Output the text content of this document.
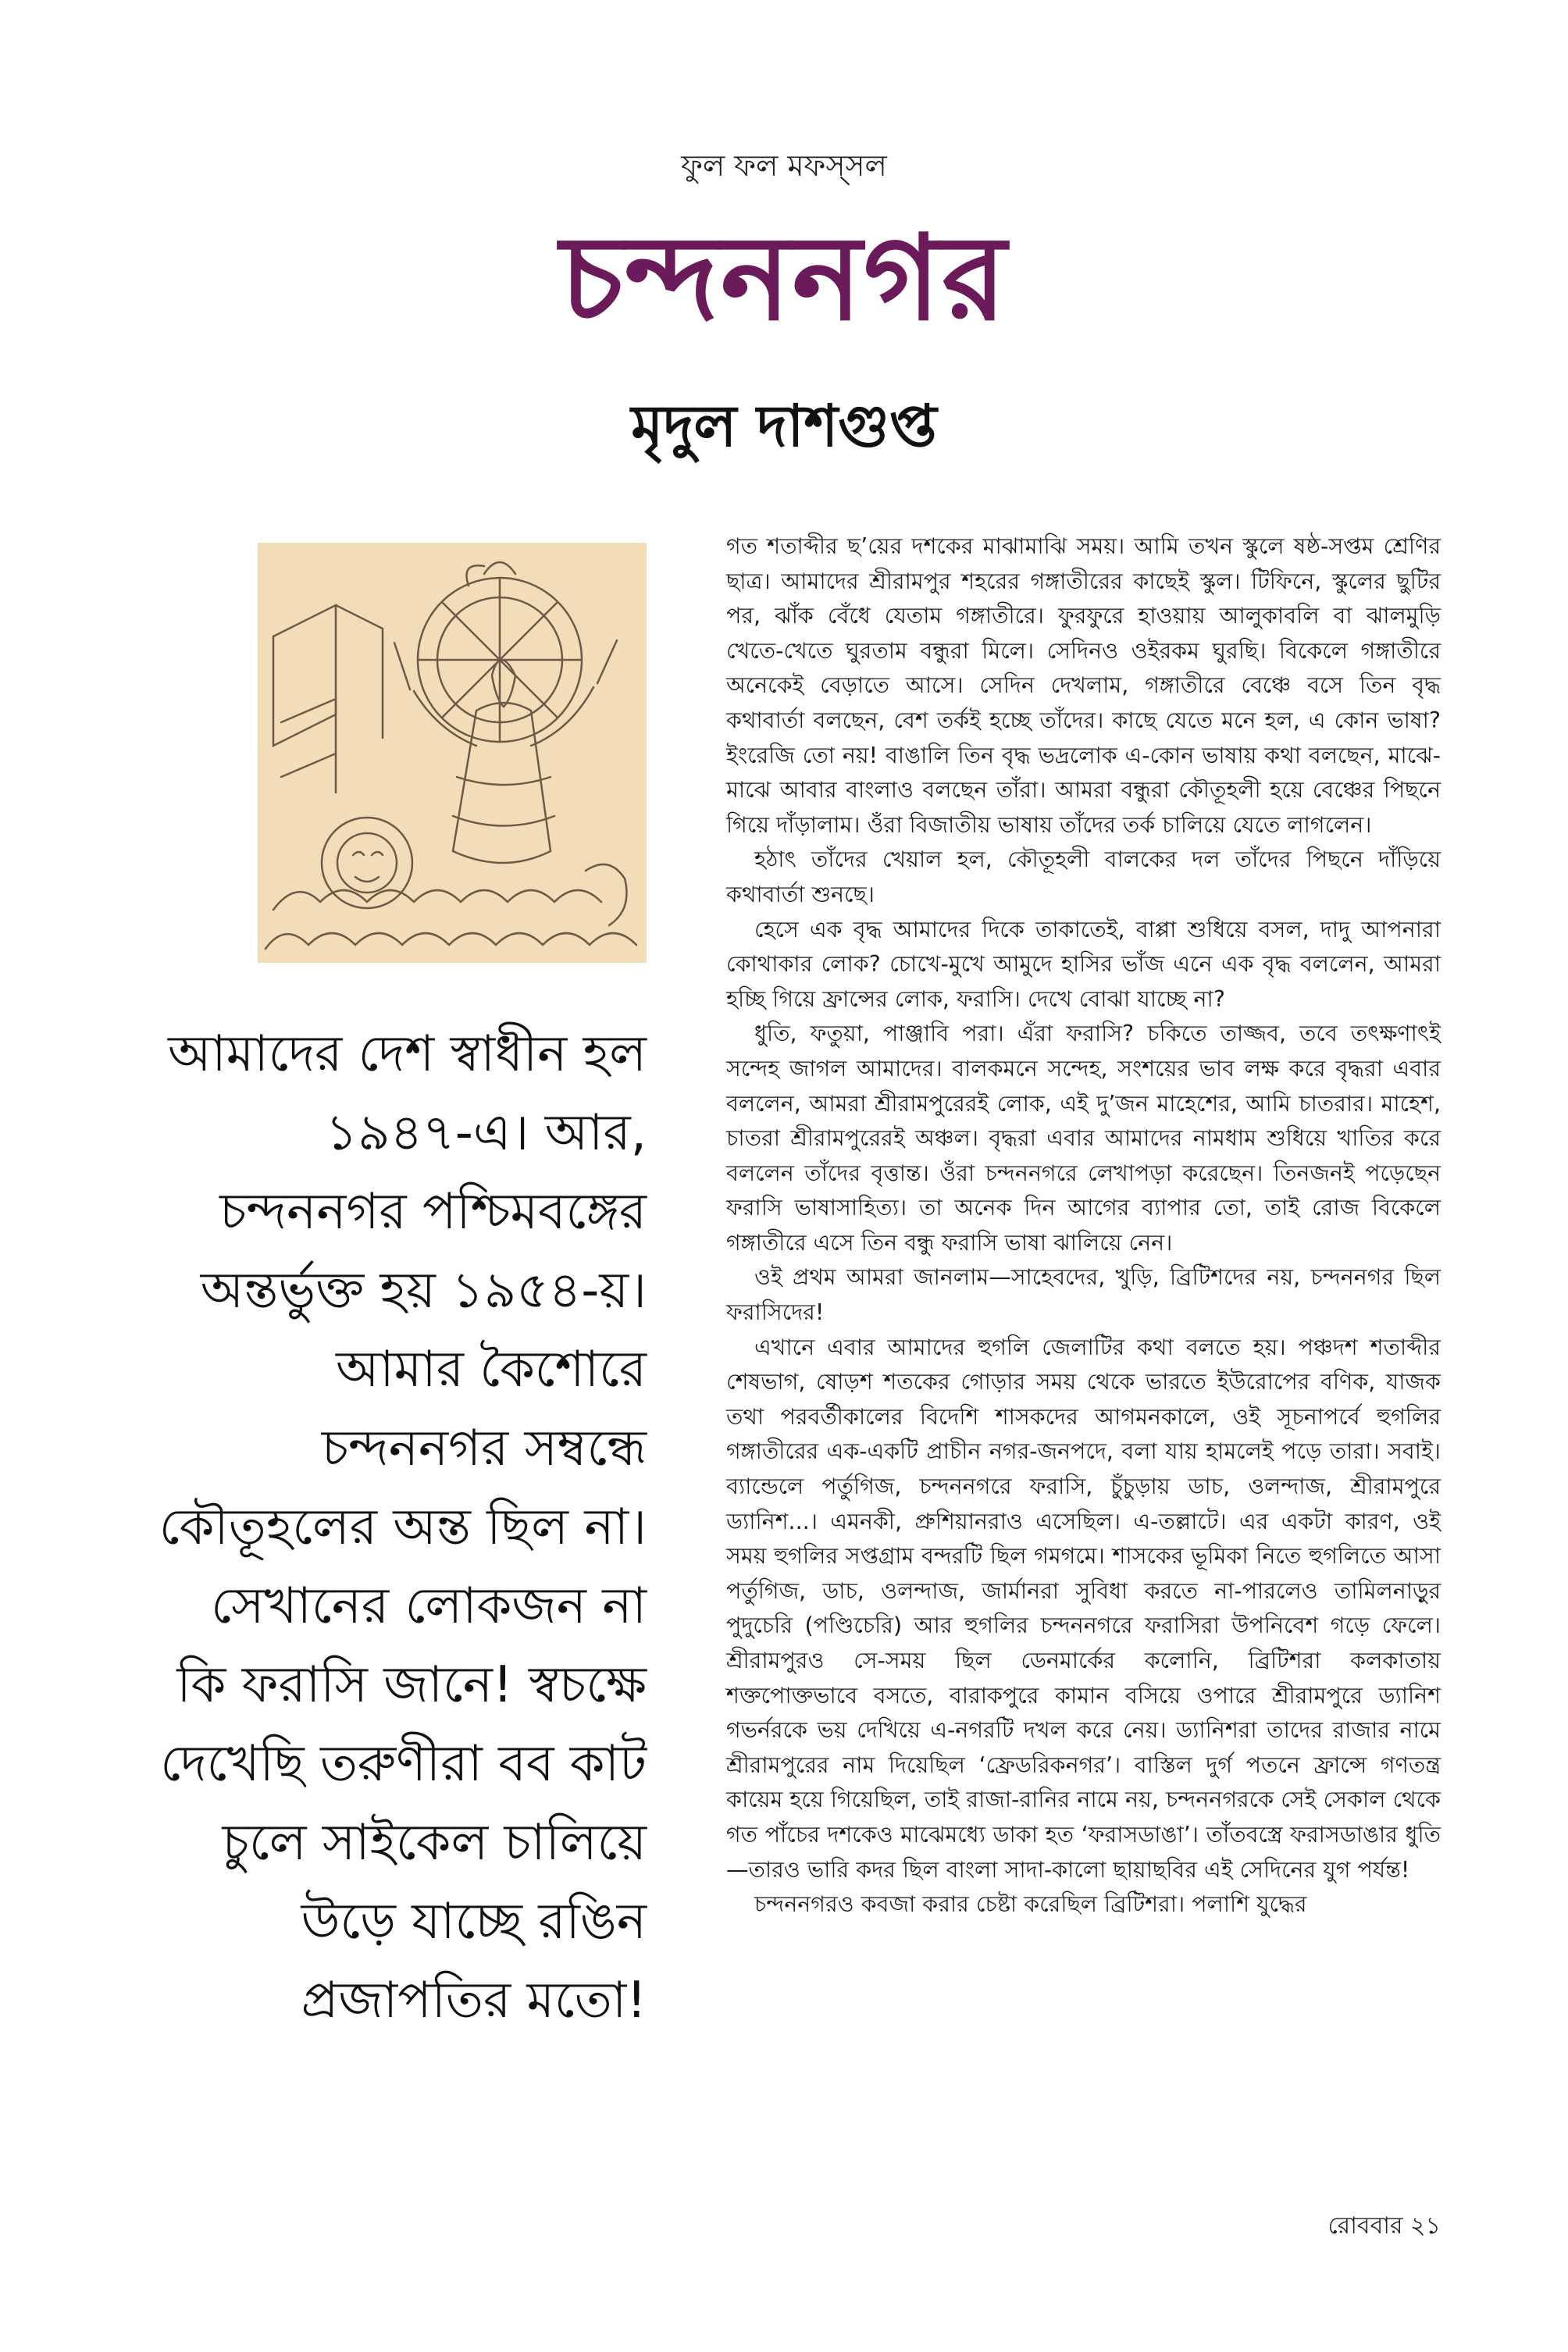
ফুল ফল মফস্‌সল
চন্দননগর
মৃদুল দাশগুপ্ত

আমাদের দেশ স্বাধীন হল ১৯৪৭-এ। আর, চন্দননগর পশ্চিমবঙ্গের অন্তর্ভুক্ত হয় ১৯৫৪-য়। আমার কৈশোরে চন্দননগর সম্বন্ধে কৌতূহলের অন্ত ছিল না। সেখানের লোকজন না কি ফরাসি জানে! স্বচক্ষে দেখেছি তরুণীরা বব কাট চুলে সাইকেল চালিয়ে উড়ে যাচ্ছে রঙিন প্রজাপতির মতো!

গত শতাব্দীর ছ’য়ের দশকের মাঝামাঝি সময়। আমি তখন স্কুলে ষষ্ঠ-সপ্তম শ্রেণির ছাত্র। আমাদের শ্রীরামপুর শহরের গঙ্গাতীরের কাছেই স্কুল। টিফিনে, স্কুলের ছুটির পর, ঝাঁক বেঁধে যেতাম গঙ্গাতীরে। ফুরফুরে হাওয়ায় আলুকাবলি বা ঝালমুড়ি খেতে-খেতে ঘুরতাম বন্ধুরা মিলে। সেদিনও ওইরকম ঘুরছি। বিকেলে গঙ্গাতীরে অনেকেই বেড়াতে আসে। সেদিন দেখলাম, গঙ্গাতীরে বেঞ্চে বসে তিন বৃদ্ধ কথাবার্তা বলছেন, বেশ তর্কই হচ্ছে তাঁদের। কাছে যেতে মনে হল, এ কোন ভাষা? ইংরেজি তো নয়! বাঙালি তিন বৃদ্ধ ভদ্রলোক এ-কোন ভাষায় কথা বলছেন, মাঝে-মাঝে আবার বাংলাও বলছেন তাঁরা। আমরা বন্ধুরা কৌতূহলী হয়ে বেঞ্চের পিছনে গিয়ে দাঁড়ালাম। ওঁরা বিজাতীয় ভাষায় তাঁদের তর্ক চালিয়ে যেতে লাগলেন।

হঠাৎ তাঁদের খেয়াল হল, কৌতূহলী বালকের দল তাঁদের পিছনে দাঁড়িয়ে কথাবার্তা শুনছে।

হেসে এক বৃদ্ধ আমাদের দিকে তাকাতেই, বাপ্পা শুধিয়ে বসল, দাদু আপনারা কোথাকার লোক? চোখে-মুখে আমুদে হাসির ভাঁজ এনে এক বৃদ্ধ বললেন, আমরা হচ্ছি গিয়ে ফ্রান্সের লোক, ফরাসি। দেখে বোঝা যাচ্ছে না?

ধুতি, ফতুয়া, পাঞ্জাবি পরা। এঁরা ফরাসি? চকিতে তাজ্জব, তবে তৎক্ষণাৎই সন্দেহ জাগল আমাদের। বালকমনে সন্দেহ, সংশয়ের ভাব লক্ষ করে বৃদ্ধরা এবার বললেন, আমরা শ্রীরামপুরেরই লোক, এই দু’জন মাহেশের, আমি চাতরার। মাহেশ, চাতরা শ্রীরামপুরেরই অঞ্চল। বৃদ্ধরা এবার আমাদের নামধাম শুধিয়ে খাতির করে বললেন তাঁদের বৃত্তান্ত। ওঁরা চন্দননগরে লেখাপড়া করেছেন। তিনজনই পড়েছেন ফরাসি ভাষাসাহিত্য। তা অনেক দিন আগের ব্যাপার তো, তাই রোজ বিকেলে গঙ্গাতীরে এসে তিন বন্ধু ফরাসি ভাষা ঝালিয়ে নেন।

ওই প্রথম আমরা জানলাম—সাহেবদের, খুড়ি, ব্রিটিশদের নয়, চন্দননগর ছিল ফরাসিদের!

এখানে এবার আমাদের হুগলি জেলাটির কথা বলতে হয়। পঞ্চদশ শতাব্দীর শেষভাগ, ষোড়শ শতকের গোড়ার সময় থেকে ভারতে ইউরোপের বণিক, যাজক তথা পরবর্তীকালের বিদেশি শাসকদের আগমনকালে, ওই সূচনাপর্বে হুগলির গঙ্গাতীরের এক-একটি প্রাচীন নগর-জনপদে, বলা যায় হামলেই পড়ে তারা। সবাই। ব্যান্ডেলে পর্তুগিজ, চন্দননগরে ফরাসি, চুঁচুড়ায় ডাচ, ওলন্দাজ, শ্রীরামপুরে ড্যানিশ...। এমনকী, প্রুশিয়ানরাও এসেছিল। এ-তল্লাটে। এর একটা কারণ, ওই সময় হুগলির সপ্তগ্রাম বন্দরটি ছিল গমগমে। শাসকের ভূমিকা নিতে হুগলিতে আসা পর্তুগিজ, ডাচ, ওলন্দাজ, জার্মানরা সুবিধা করতে না-পারলেও তামিলনাড়ুর পুদুচেরি (পণ্ডিচেরি) আর হুগলির চন্দননগরে ফরাসিরা উপনিবেশ গড়ে ফেলে। শ্রীরামপুরও সে-সময় ছিল ডেনমার্কের কলোনি, ব্রিটিশরা কলকাতায় শক্তপোক্তভাবে বসতে, বারাকপুরে কামান বসিয়ে ওপারে শ্রীরামপুরে ড্যানিশ গভর্নরকে ভয় দেখিয়ে এ-নগরটি দখল করে নেয়। ড্যানিশরা তাদের রাজার নামে শ্রীরামপুরের নাম দিয়েছিল ‘ফ্রেডরিকনগর’। বাস্তিল দুর্গ পতনে ফ্রান্সে গণতন্ত্র কায়েম হয়ে গিয়েছিল, তাই রাজা-রানির নামে নয়, চন্দননগরকে সেই সেকাল থেকে গত পাঁচের দশকেও মাঝেমধ্যে ডাকা হত ‘ফরাসডাঙা’। তাঁতবস্ত্রে ফরাসডাঙার ধুতি—তারও ভারি কদর ছিল বাংলা সাদা-কালো ছায়াছবির এই সেদিনের যুগ পর্যন্ত!

চন্দননগরও কবজা করার চেষ্টা করেছিল ব্রিটিশরা। পলাশি যুদ্ধের

রোববার ২১
